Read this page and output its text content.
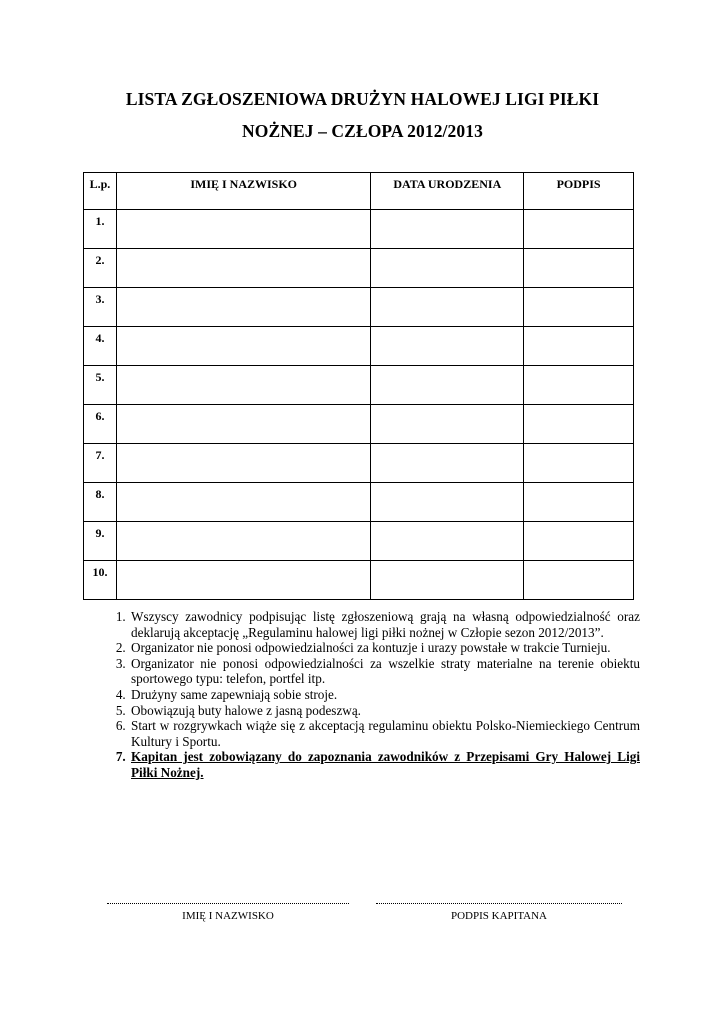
LISTA ZGŁOSZENIOWA DRUŻYN HALOWEJ LIGI PIŁKI
NOŻNEJ – CZŁOPA 2012/2013
L.p.	IMIĘ I NAZWISKO	DATA URODZENIA	PODPIS
1.			
2.			
3.			
4.			
5.			
6.			
7.			
8.			
9.			
10.			
1. Wszyscy zawodnicy podpisując listę zgłoszeniową grają na własną odpowiedzialność oraz deklarują akceptację „Regulaminu halowej ligi piłki nożnej w Człopie sezon 2012/2013”.
2. Organizator nie ponosi odpowiedzialności za kontuzje i urazy powstałe w trakcie Turnieju.
3. Organizator nie ponosi odpowiedzialności za wszelkie straty materialne na terenie obiektu sportowego typu: telefon, portfel itp.
4. Drużyny same zapewniają sobie stroje.
5. Obowiązują buty halowe z jasną podeszwą.
6. Start w rozgrywkach wiąże się z akceptacją regulaminu obiektu Polsko-Niemieckiego Centrum Kultury i Sportu.
7. Kapitan jest zobowiązany do zapoznania zawodników z Przepisami Gry Halowej Ligi Piłki Nożnej.
IMIĘ I NAZWISKO	PODPIS KAPITANA
